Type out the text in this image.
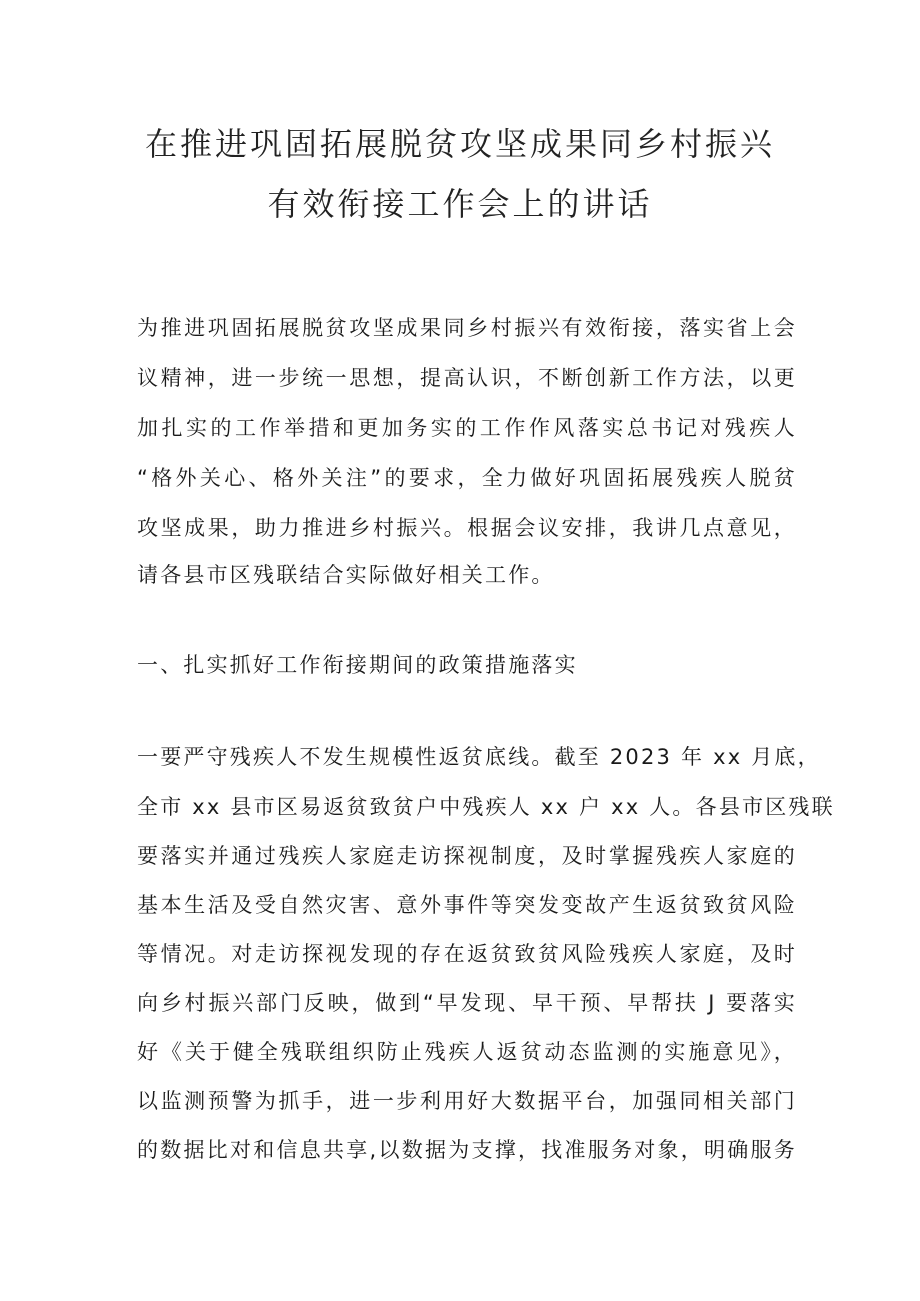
在推进巩固拓展脱贫攻坚成果同乡村振兴
有效衔接工作会上的讲话
为推进巩固拓展脱贫攻坚成果同乡村振兴有效衔接，落实省上会
议精神，进一步统一思想，提高认识，不断创新工作方法，以更
加扎实的工作举措和更加务实的工作作风落实总书记对残疾人
“格外关心、格外关注”的要求，全力做好巩固拓展残疾人脱贫
攻坚成果，助力推进乡村振兴。根据会议安排，我讲几点意见，
请各县市区残联结合实际做好相关工作。
一、扎实抓好工作衔接期间的政策措施落实
一要严守残疾人不发生规模性返贫底线。截至 2023 年 xx 月底，
全市 xx 县市区易返贫致贫户中残疾人 xx 户 xx 人。各县市区残联
要落实并通过残疾人家庭走访探视制度，及时掌握残疾人家庭的
基本生活及受自然灾害、意外事件等突发变故产生返贫致贫风险
等情况。对走访探视发现的存在返贫致贫风险残疾人家庭，及时
向乡村振兴部门反映，做到“早发现、早干预、早帮扶 J 要落实
好《关于健全残联组织防止残疾人返贫动态监测的实施意见》，
以监测预警为抓手，进一步利用好大数据平台，加强同相关部门
的数据比对和信息共享,以数据为支撑，找准服务对象，明确服务
